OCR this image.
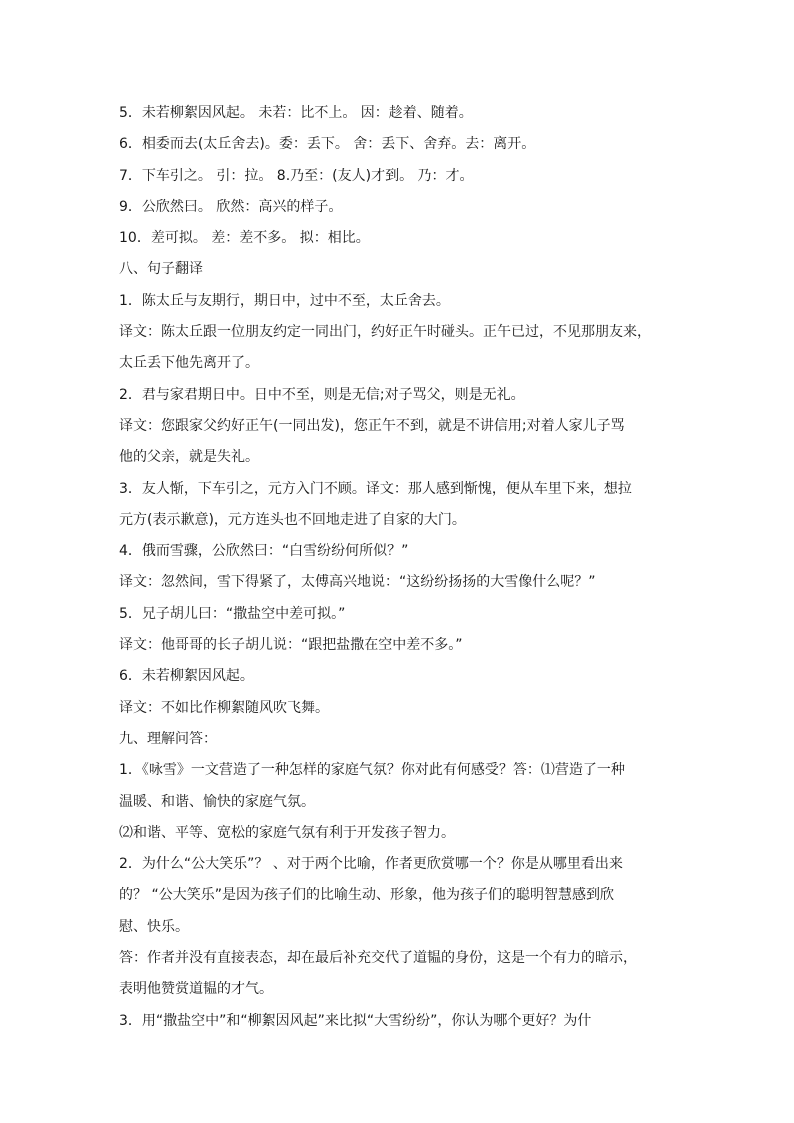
5．未若柳絮因风起。 未若：比不上。 因：趁着、随着。
6．相委而去(太丘舍去)。委：丢下。 舍：丢下、舍弃。去：离开。
7．下车引之。 引：拉。 8.乃至：(友人)才到。 乃：才。
9．公欣然曰。 欣然：高兴的样子。
10．差可拟。 差：差不多。 拟：相比。
八、句子翻译
1．陈太丘与友期行，期日中，过中不至，太丘舍去。
译文：陈太丘跟一位朋友约定一同出门，约好正午时碰头。正午已过，不见那朋友来，
太丘丢下他先离开了。
2．君与家君期日中。日中不至，则是无信;对子骂父，则是无礼。
译文：您跟家父约好正午(一同出发)，您正午不到，就是不讲信用;对着人家儿子骂
他的父亲，就是失礼。
3．友人惭，下车引之，元方入门不顾。译文：那人感到惭愧，便从车里下来，想拉
元方(表示歉意)，元方连头也不回地走进了自家的大门。
4．俄而雪骤，公欣然曰：“白雪纷纷何所似？”
译文：忽然间，雪下得紧了，太傅高兴地说：“这纷纷扬扬的大雪像什么呢？”
5．兄子胡儿曰：“撒盐空中差可拟。”
译文：他哥哥的长子胡儿说：“跟把盐撒在空中差不多。”
6．未若柳絮因风起。
译文：不如比作柳絮随风吹飞舞。
九、理解问答：
1．《咏雪》一文营造了一种怎样的家庭气氛？你对此有何感受？答：⑴营造了一种
温暖、和谐、愉快的家庭气氛。
⑵和谐、平等、宽松的家庭气氛有利于开发孩子智力。
2．为什么“公大笑乐”？ 、对于两个比喻，作者更欣赏哪一个？你是从哪里看出来
的？ “公大笑乐”是因为孩子们的比喻生动、形象，他为孩子们的聪明智慧感到欣
慰、快乐。
答：作者并没有直接表态，却在最后补充交代了道韫的身份，这是一个有力的暗示，
表明他赞赏道韫的才气。
3．用“撒盐空中”和“柳絮因风起”来比拟“大雪纷纷”，你认为哪个更好？为什
